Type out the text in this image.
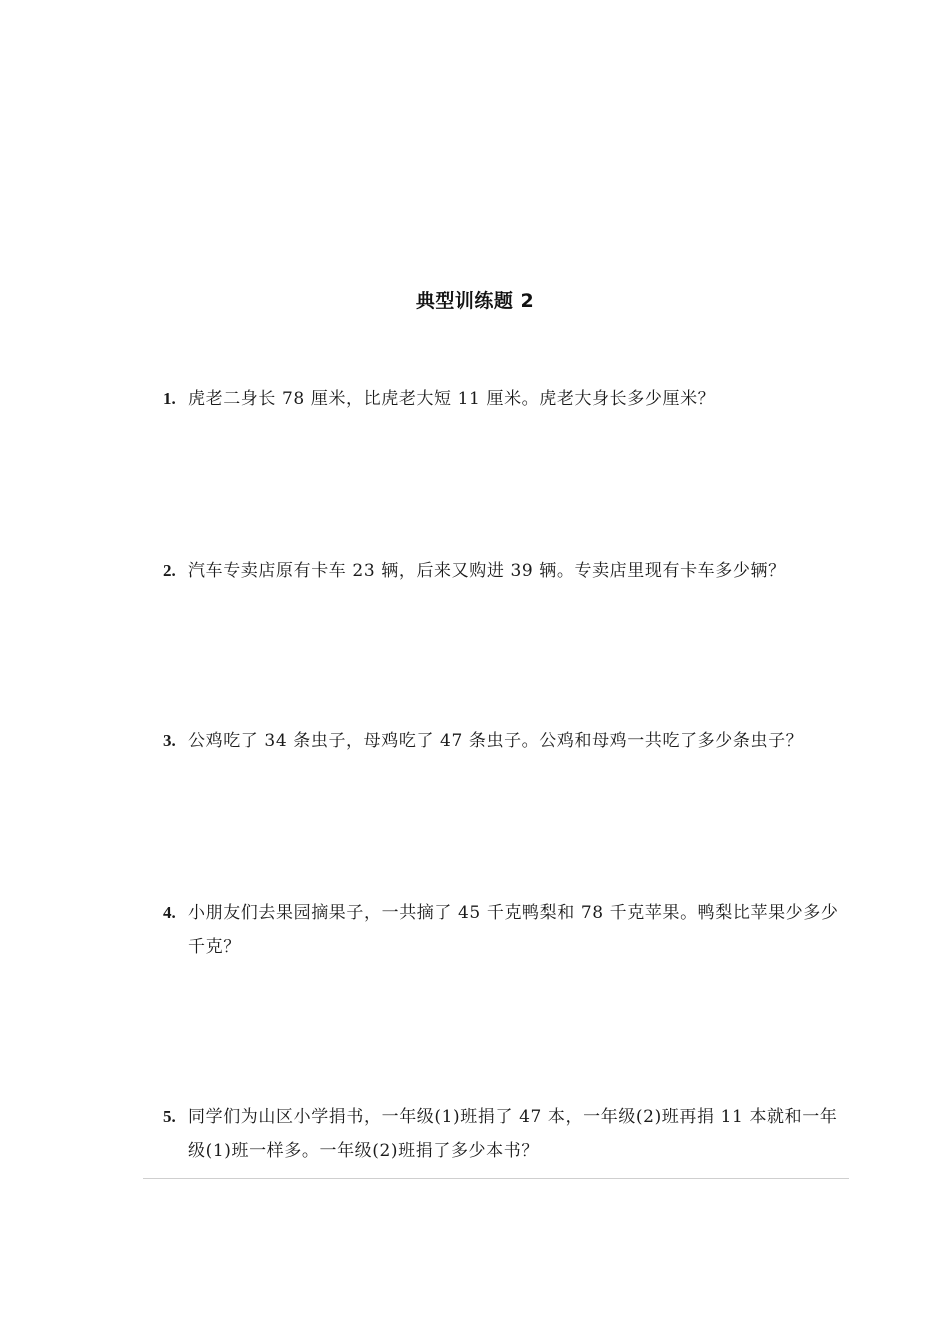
典型训练题 2
1. 虎老二身长 78 厘米，比虎老大短 11 厘米。虎老大身长多少厘米？
2. 汽车专卖店原有卡车 23 辆，后来又购进 39 辆。专卖店里现有卡车多少辆？
3. 公鸡吃了 34 条虫子，母鸡吃了 47 条虫子。公鸡和母鸡一共吃了多少条虫子？
4. 小朋友们去果园摘果子，一共摘了 45 千克鸭梨和 78 千克苹果。鸭梨比苹果少多少千克？
5. 同学们为山区小学捐书，一年级(1)班捐了 47 本，一年级(2)班再捐 11 本就和一年级(1)班一样多。一年级(2)班捐了多少本书？
